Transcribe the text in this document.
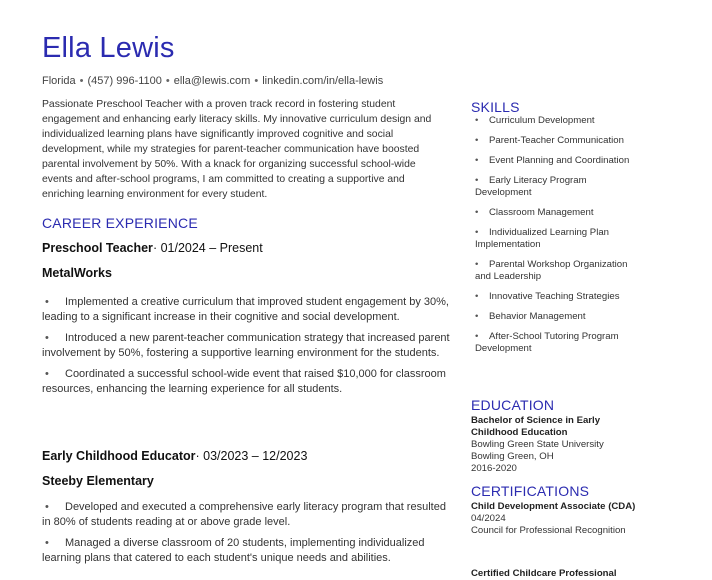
Ella Lewis
Florida • (457) 996-1100 • ella@lewis.com • linkedin.com/in/ella-lewis

Passionate Preschool Teacher with a proven track record in fostering student engagement and enhancing early literacy skills. My innovative curriculum design and individualized learning plans have significantly improved cognitive and social development, while my strategies for parent-teacher communication have boosted parental involvement by 50%. With a knack for organizing successful school-wide events and after-school programs, I am committed to creating a supportive and enriching learning environment for every student.

CAREER EXPERIENCE
Preschool Teacher· 01/2024 – Present
MetalWorks
• Implemented a creative curriculum that improved student engagement by 30%, leading to a significant increase in their cognitive and social development.
• Introduced a new parent-teacher communication strategy that increased parent involvement by 50%, fostering a supportive learning environment for the students.
• Coordinated a successful school-wide event that raised $10,000 for classroom resources, enhancing the learning experience for all students.
Early Childhood Educator· 03/2023 – 12/2023
Steeby Elementary
• Developed and executed a comprehensive early literacy program that resulted in 80% of students reading at or above grade level.
• Managed a diverse classroom of 20 students, implementing individualized learning plans that catered to each student's unique needs and abilities.
SKILLS
• Curriculum Development
• Parent-Teacher Communication
• Event Planning and Coordination
• Early Literacy Program Development
• Classroom Management
• Individualized Learning Plan Implementation
• Parental Workshop Organization and Leadership
• Innovative Teaching Strategies
• Behavior Management
• After-School Tutoring Program Development
EDUCATION
Bachelor of Science in Early Childhood Education
Bowling Green State University
Bowling Green, OH
2016-2020
CERTIFICATIONS
Child Development Associate (CDA)
04/2024
Council for Professional Recognition
Certified Childcare Professional
